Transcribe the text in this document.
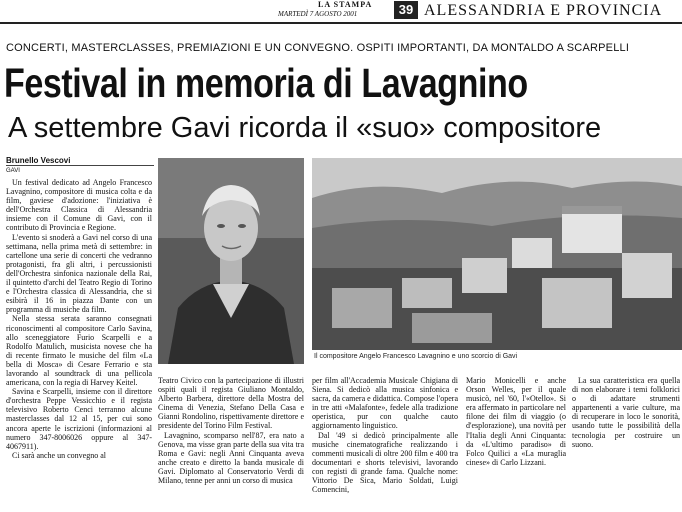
LA STAMPA
MARTEDÌ 7 AGOSTO 2001	39 ALESSANDRIA E PROVINCIA
CONCERTI, MASTERCLASSES, PREMIAZIONI E UN CONVEGNO. OSPITI IMPORTANTI, DA MONTALDO A SCARPELLI
Festival in memoria di Lavagnino
A settembre Gavi ricorda il «suo» compositore
Brunello Vescovi
GAVI

Un festival dedicato ad Angelo Francesco Lavagnino, compositore di musica colta e da film, gaviese d'adozione: l'iniziativa è dell'Orchestra Classica di Alessandria insieme con il Comune di Gavi, con il contributo di Provincia e Regione.

L'evento si snoderà a Gavi nel corso di una settimana, nella prima metà di settembre: in cartellone una serie di concerti che vedranno protagonisti, fra gli altri, i percussionisti dell'Orchestra sinfonica nazionale della Rai, il quintetto d'archi del Teatro Regio di Torino e l'Orchestra classica di Alessandria, che si esibirà il 16 in piazza Dante con un programma di musiche da film.

Nella stessa serata saranno consegnati riconoscimenti al compositore Carlo Savina, allo sceneggiatore Furio Scarpelli e a Rodolfo Matulich, musicista novese che ha di recente firmato le musiche del film «La bella di Mosca» di Cesare Ferrario e sta lavorando al soundtrack di una pellicola americana, con la regia di Harvey Keitel.

Savina e Scarpelli, insieme con il direttore d'orchestra Peppe Vessicchio e il regista televisivo Roberto Cenci terranno alcune masterclasses dal 12 al 15, per cui sono ancora aperte le iscrizioni (informazioni al numero 347-8006026 oppure al 347-4067911).

Ci sarà anche un convegno al

Il compositore Angelo Francesco Lavagnino e uno scorcio di Gavi

Teatro Civico con la partecipazione di illustri ospiti quali il regista Giuliano Montaldo, Alberto Barbera, direttore della Mostra del Cinema di Venezia, Stefano Della Casa e Gianni Rondolino, rispettivamente direttore e presidente del Torino Film Festival.

Lavagnino, scomparso nell'87, era nato a Genova, ma visse gran parte della sua vita tra Roma e Gavi: negli Anni Cinquanta aveva anche creato e diretto la banda musicale di Gavi. Diplomato al Conservatorio Verdi di Milano, tenne per anni un corso di musica

per film all'Accademia Musicale Chigiana di Siena. Si dedicò alla musica sinfonica e sacra, da camera e didattica. Compose l'opera in tre atti «Malafonte», fedele alla tradizione operistica, pur con qualche cauto aggiornamento linguistico.

Dal '49 si dedicò principalmente alle musiche cinematografiche realizzando i commenti musicali di oltre 200 film e 400 tra documentari e shorts televisivi, lavorando con registi di grande fama. Qualche nome: Vittorio De Sica, Mario Soldati, Luigi Comencini,

Mario Monicelli e anche Orson Welles, per il quale musicò, nel '60, l'«Otello». Si era affermato in particolare nel filone dei film di viaggio (o d'esplorazione), una novità per l'Italia degli Anni Cinquanta: da «L'ultimo paradiso» di Folco Quilici a «La muraglia cinese» di Carlo Lizzani.

La sua caratteristica era quella di non elaborare i temi folklorici o di adattare strumenti appartenenti a varie culture, ma di recuperare in loco le sonorità, usando tutte le possibilità della tecnologia per costruire un suono.
